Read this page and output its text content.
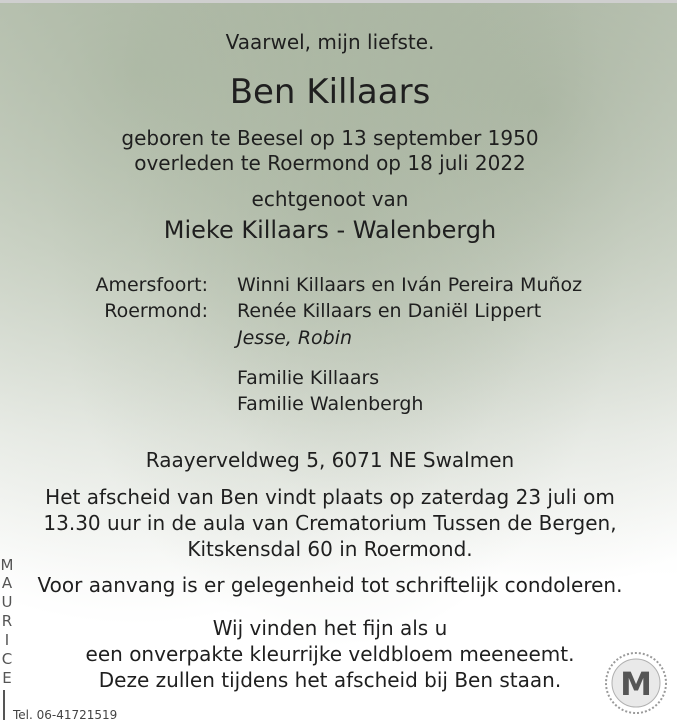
Vaarwel, mijn liefste.
Ben Killaars
geboren te Beesel op 13 september 1950
overleden te Roermond op 18 juli 2022
echtgenoot van
Mieke Killaars - Walenbergh
Amersfoort: Winni Killaars en Iván Pereira Muñoz
Roermond: Renée Killaars en Daniël Lippert
Jesse, Robin
Familie Killaars
Familie Walenbergh
Raayerveldweg 5, 6071 NE Swalmen
Het afscheid van Ben vindt plaats op zaterdag 23 juli om
13.30 uur in de aula van Crematorium Tussen de Bergen,
Kitskensdal 60 in Roermond.
Voor aanvang is er gelegenheid tot schriftelijk condoleren.
Wij vinden het fijn als u
een onverpakte kleurrijke veldbloem meeneemt.
Deze zullen tijdens het afscheid bij Ben staan.
M
A
U
R
I
C
E
Tel. 06-41721519
M
